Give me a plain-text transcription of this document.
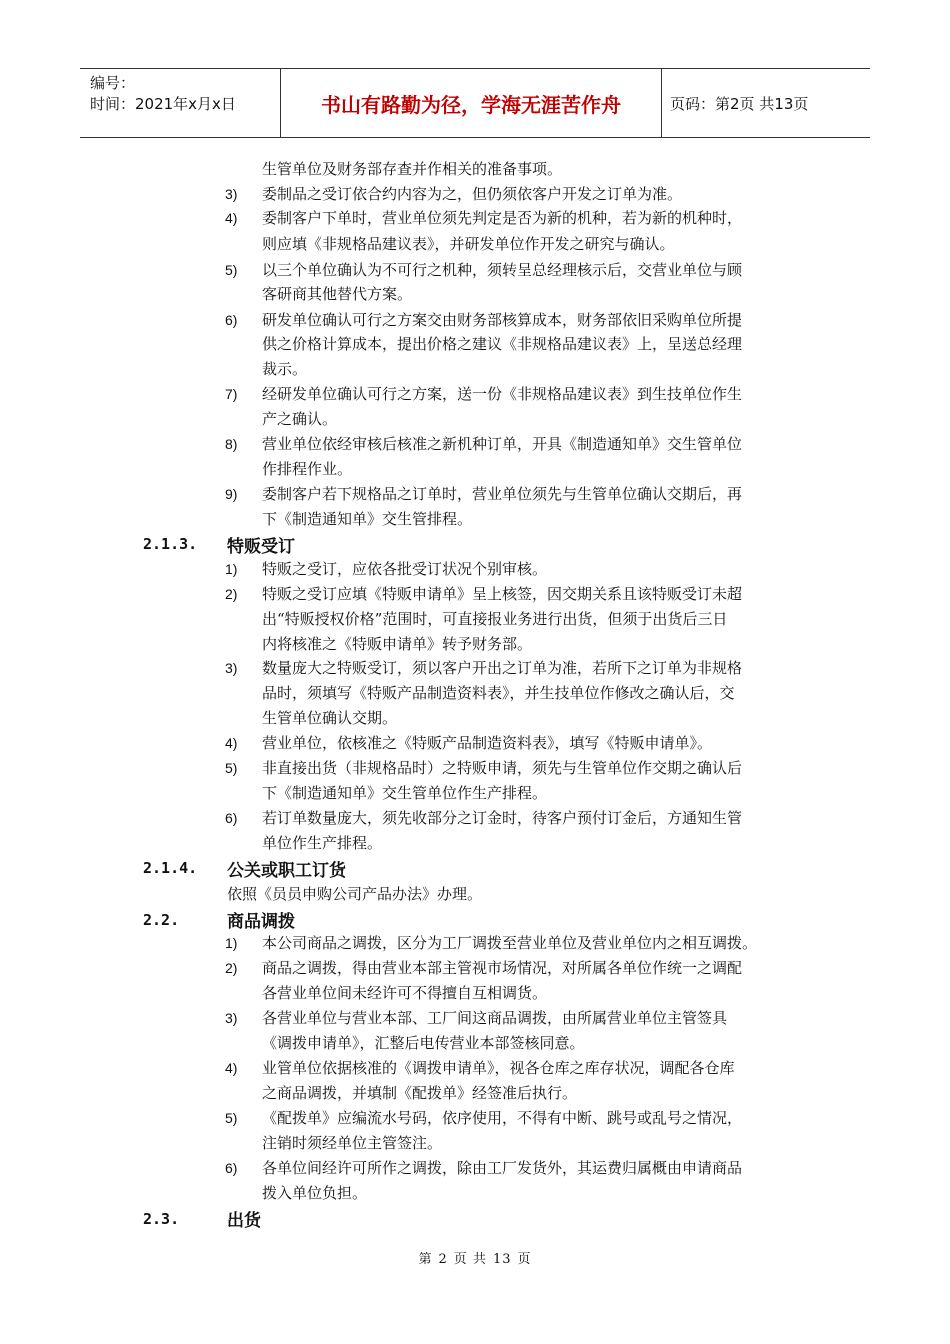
编号：
时间：2021年x月x日	书山有路勤为径，学海无涯苦作舟	页码：第2页 共13页
生管单位及财务部存查并作相关的准备事项。
3)	委制品之受订依合约内容为之，但仍须依客户开发之订单为准。
4)	委制客户下单时，营业单位须先判定是否为新的机种，若为新的机种时，
则应填《非规格品建议表》，并研发单位作开发之研究与确认。
5)	以三个单位确认为不可行之机种，须转呈总经理核示后，交营业单位与顾
客研商其他替代方案。
6)	研发单位确认可行之方案交由财务部核算成本，财务部依旧采购单位所提
供之价格计算成本，提出价格之建议《非规格品建议表》上，呈送总经理
裁示。
7)	经研发单位确认可行之方案，送一份《非规格品建议表》到生技单位作生
产之确认。
8)	营业单位依经审核后核准之新机种订单，开具《制造通知单》交生管单位
作排程作业。
9)	委制客户若下规格品之订单时，营业单位须先与生管单位确认交期后，再
下《制造通知单》交生管排程。
2.1.3. 特贩受订
1)	特贩之受订，应依各批受订状况个别审核。
2)	特贩之受订应填《特贩申请单》呈上核签，因交期关系且该特贩受订未超
出“特贩授权价格”范围时，可直接报业务进行出货，但须于出货后三日
内将核准之《特贩申请单》转予财务部。
3)	数量庞大之特贩受订，须以客户开出之订单为准，若所下之订单为非规格
品时，须填写《特贩产品制造资料表》，并生技单位作修改之确认后，交
生管单位确认交期。
4)	营业单位，依核准之《特贩产品制造资料表》，填写《特贩申请单》。
5)	非直接出货（非规格品时）之特贩申请，须先与生管单位作交期之确认后
下《制造通知单》交生管单位作生产排程。
6)	若订单数量庞大，须先收部分之订金时，待客户预付订金后，方通知生管
单位作生产排程。
2.1.4. 公关或职工订货
依照《员员申购公司产品办法》办理。
2.2.	商品调拨
1)	本公司商品之调拨，区分为工厂调拨至营业单位及营业单位内之相互调拨。
2)	商品之调拨，得由营业本部主管视市场情况，对所属各单位作统一之调配
各营业单位间未经许可不得擅自互相调货。
3)	各营业单位与营业本部、工厂间这商品调拨，由所属营业单位主管签具
《调拨申请单》，汇整后电传营业本部签核同意。
4)	业管单位依据核准的《调拨申请单》，视各仓库之库存状况，调配各仓库
之商品调拨，并填制《配拨单》经签准后执行。
5)	《配拨单》应编流水号码，依序使用，不得有中断、跳号或乱号之情况，
注销时须经单位主管签注。
6)	各单位间经许可所作之调拨，除由工厂发货外，其运费归属概由申请商品
拨入单位负担。
2.3.	出货
第 2 页 共 13 页
